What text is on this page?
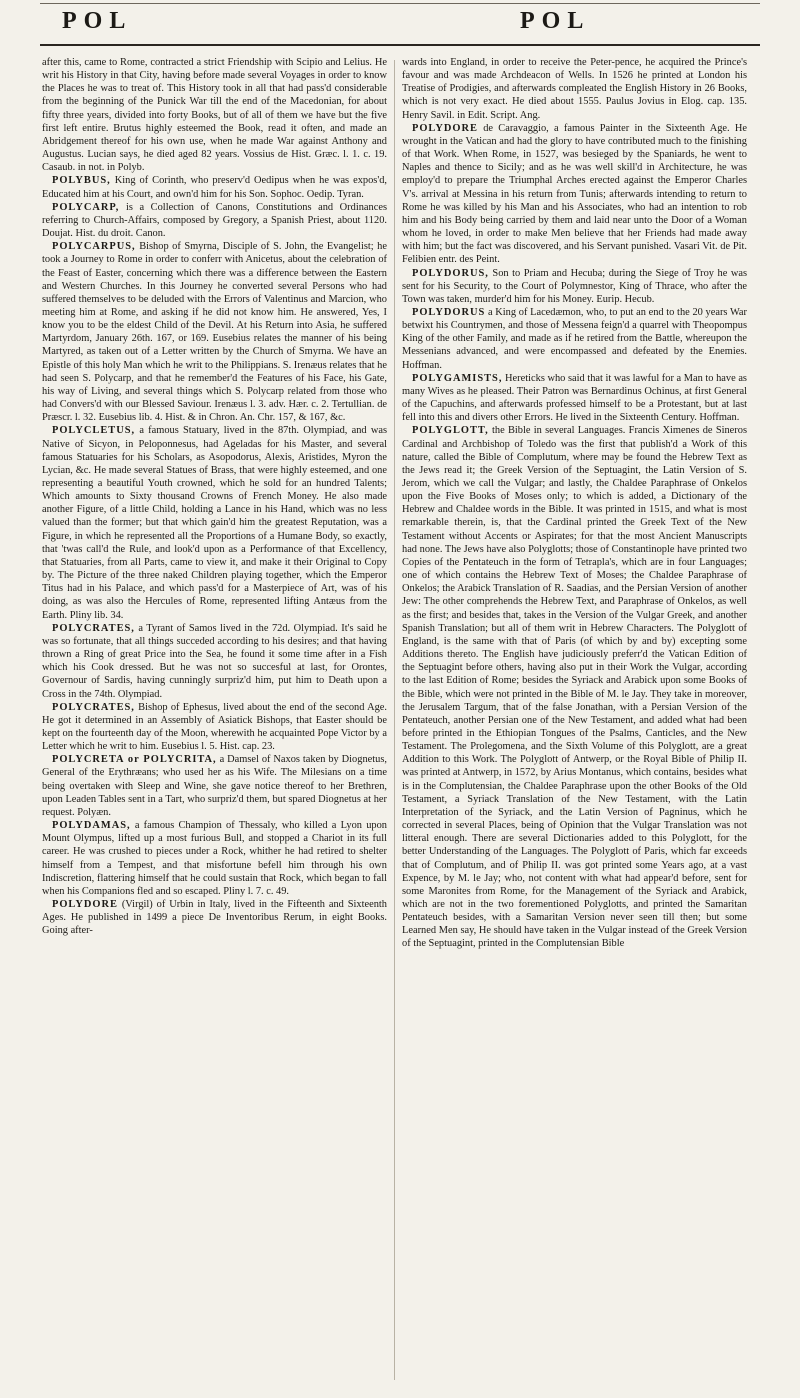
POL	POL

after this, came to Rome, contracted a strict Friendship with Scipio and Lelius. He writ his History in that City, having before made several Voyages in order to know the Places he was to treat of. This History took in all that had pass'd considerable from the beginning of the Punick War till the end of the Macedonian, for about fifty three years, divided into forty Books, but of all of them we have but the five first left entire. Brutus highly esteemed the Book, read it often, and made an Abridgement thereof for his own use, when he made War against Anthony and Augustus. Lucian says, he died aged 82 years. Vossius de Hist. Græc. l. 1. c. 19. Casaub. in not. in Polyb.

POLYBUS, King of Corinth, who preserv'd Oedipus when he was expos'd, Educated him at his Court, and own'd him for his Son. Sophoc. Oedip. Tyran.

POLYCARP, is a Collection of Canons, Constitutions and Ordinances referring to Church-Affairs, composed by Gregory, a Spanish Priest, about 1120. Doujat. Hist. du droit. Canon.

POLYCARPUS, Bishop of Smyrna, Disciple of S. John, the Evangelist; he took a Journey to Rome in order to conferr with Anicetus, about the celebration of the Feast of Easter, concerning which there was a difference between the Eastern and Western Churches. In this Journey he converted several Persons who had suffered themselves to be deluded with the Errors of Valentinus and Marcion, who meeting him at Rome, and asking if he did not know him. He answered, Yes, I know you to be the eldest Child of the Devil. At his Return into Asia, he suffered Martyrdom, January 26th. 167, or 169. Eusebius relates the manner of his being Martyred, as taken out of a Letter written by the Church of Smyrna. We have an Epistle of this holy Man which he writ to the Philippians. S. Irenæus relates that he had seen S. Polycarp, and that he remember'd the Features of his Face, his Gate, his way of Living, and several things which S. Polycarp related from those who had Convers'd with our Blessed Saviour. Irenæus l. 3. adv. Hær. c. 2. Tertullian. de Præscr. l. 32. Eusebius lib. 4. Hist. & in Chron. An. Chr. 157, & 167, &c.

POLYCLETUS, a famous Statuary, lived in the 87th. Olympiad, and was Native of Sicyon, in Peloponnesus, had Ageladas for his Master, and several famous Statuaries for his Scholars, as Asopodorus, Alexis, Aristides, Myron the Lycian, &c. He made several Statues of Brass, that were highly esteemed, and one representing a beautiful Youth crowned, which he sold for an hundred Talents; Which amounts to Sixty thousand Crowns of French Money. He also made another Figure, of a little Child, holding a Lance in his Hand, which was no less valued than the former; but that which gain'd him the greatest Reputation, was a Figure, in which he represented all the Proportions of a Humane Body, so exactly, that 'twas call'd the Rule, and look'd upon as a Performance of that Excellency, that Statuaries, from all Parts, came to view it, and make it their Original to Copy by. The Picture of the three naked Children playing together, which the Emperor Titus had in his Palace, and which pass'd for a Masterpiece of Art, was of his doing, as was also the Hercules of Rome, represented lifting Antæus from the Earth. Pliny lib. 34.

POLYCRATES, a Tyrant of Samos lived in the 72d. Olympiad. It's said he was so fortunate, that all things succeded according to his desires; and that having thrown a Ring of great Price into the Sea, he found it some time after in a Fish which his Cook dressed. But he was not so succesful at last, for Orontes, Governour of Sardis, having cunningly surpriz'd him, put him to Death upon a Cross in the 74th. Olympiad.

POLYCRATES, Bishop of Ephesus, lived about the end of the second Age. He got it determined in an Assembly of Asiatick Bishops, that Easter should be kept on the fourteenth day of the Moon, wherewith he acquainted Pope Victor by a Letter which he writ to him. Eusebius l. 5. Hist. cap. 23.

POLYCRETA or POLYCRITA, a Damsel of Naxos taken by Diognetus, General of the Erythræans; who used her as his Wife. The Milesians on a time being overtaken with Sleep and Wine, she gave notice thereof to her Brethren, upon Leaden Tables sent in a Tart, who surpriz'd them, but spared Diognetus at her request. Polyæn.

POLYDAMAS, a famous Champion of Thessaly, who killed a Lyon upon Mount Olympus, lifted up a most furious Bull, and stopped a Chariot in its full career. He was crushed to pieces under a Rock, whither he had retired to shelter himself from a Tempest, and that misfortune befell him through his own Indiscretion, flattering himself that he could sustain that Rock, which began to fall when his Companions fled and so escaped. Pliny l. 7. c. 49.

POLYDORE (Virgil) of Urbin in Italy, lived in the Fifteenth and Sixteenth Ages. He published in 1499 a piece De Inventoribus Rerum, in eight Books. Going after-

wards into England, in order to receive the Peter-pence, he acquired the Prince's favour and was made Archdeacon of Wells. In 1526 he printed at London his Treatise of Prodigies, and afterwards compleated the English History in 26 Books, which is not very exact. He died about 1555. Paulus Jovius in Elog. cap. 135. Henry Savil. in Edit. Script. Ang.

POLYDORE de Caravaggio, a famous Painter in the Sixteenth Age. He wrought in the Vatican and had the glory to have contributed much to the finishing of that Work. When Rome, in 1527, was besieged by the Spaniards, he went to Naples and thence to Sicily; and as he was well skill'd in Architecture, he was employ'd to prepare the Triumphal Arches erected against the Emperor Charles V's. arrival at Messina in his return from Tunis; afterwards intending to return to Rome he was killed by his Man and his Associates, who had an intention to rob him and his Body being carried by them and laid near unto the Door of a Woman whom he loved, in order to make Men believe that her Friends had made away with him; but the fact was discovered, and his Servant punished. Vasari Vit. de Pit. Felibien entr. des Peint.

POLYDORUS, Son to Priam and Hecuba; during the Siege of Troy he was sent for his Security, to the Court of Polymnestor, King of Thrace, who after the Town was taken, murder'd him for his Money. Eurip. Hecub.

POLYDORUS a King of Lacedæmon, who, to put an end to the 20 years War betwixt his Countrymen, and those of Messena feign'd a quarrel with Theopompus King of the other Family, and made as if he retired from the Battle, whereupon the Messenians advanced, and were encompassed and defeated by the Enemies. Hoffman.

POLYGAMISTS, Hereticks who said that it was lawful for a Man to have as many Wives as he pleased. Their Patron was Bernardinus Ochinus, at first General of the Capuchins, and afterwards professed himself to be a Protestant, but at last fell into this and divers other Errors. He lived in the Sixteenth Century. Hoffman.

POLYGLOTT, the Bible in several Languages. Francis Ximenes de Sineros Cardinal and Archbishop of Toledo was the first that publish'd a Work of this nature, called the Bible of Complutum, where may be found the Hebrew Text as the Jews read it; the Greek Version of the Septuagint, the Latin Version of S. Jerom, which we call the Vulgar; and lastly, the Chaldee Paraphrase of Onkelos upon the Five Books of Moses only; to which is added, a Dictionary of the Hebrew and Chaldee words in the Bible. It was printed in 1515, and what is most remarkable therein, is, that the Cardinal printed the Greek Text of the New Testament without Accents or Aspirates; for that the most Ancient Manuscripts had none. The Jews have also Polyglotts; those of Constantinople have printed two Copies of the Pentateuch in the form of Tetrapla's, which are in four Languages; one of which contains the Hebrew Text of Moses; the Chaldee Paraphrase of Onkelos; the Arabick Translation of R. Saadias, and the Persian Version of another Jew: The other comprehends the Hebrew Text, and Paraphrase of Onkelos, as well as the first; and besides that, takes in the Version of the Vulgar Greek, and another Spanish Translation; but all of them writ in Hebrew Characters. The Polyglott of England, is the same with that of Paris (of which by and by) excepting some Additions thereto. The English have judiciously preferr'd the Vatican Edition of the Septuagint before others, having also put in their Work the Vulgar, according to the last Edition of Rome; besides the Syriack and Arabick upon some Books of the Bible, which were not printed in the Bible of M. le Jay. They take in moreover, the Jerusalem Targum, that of the false Jonathan, with a Persian Version of the Pentateuch, another Persian one of the New Testament, and added what had been before printed in the Ethiopian Tongues of the Psalms, Canticles, and the New Testament. The Prolegomena, and the Sixth Volume of this Polyglott, are a great Addition to this Work. The Polyglott of Antwerp, or the Royal Bible of Philip II. was printed at Antwerp, in 1572, by Arius Montanus, which contains, besides what is in the Complutensian, the Chaldee Paraphrase upon the other Books of the Old Testament, a Syriack Translation of the New Testament, with the Latin Interpretation of the Syriack, and the Latin Version of Pagninus, which he corrected in several Places, being of Opinion that the Vulgar Translation was not litteral enough. There are several Dictionaries added to this Polyglott, for the better Understanding of the Languages. The Polyglott of Paris, which far exceeds that of Complutum, and of Philip II. was got printed some Years ago, at a vast Expence, by M. le Jay; who, not content with what had appear'd before, sent for some Maronites from Rome, for the Management of the Syriack and Arabick, which are not in the two forementioned Polyglotts, and printed the Samaritan Pentateuch besides, with a Samaritan Version never seen till then; but some Learned Men say, He should have taken in the Vulgar instead of the Greek Version of the Septuagint, printed in the Complutensian Bible
